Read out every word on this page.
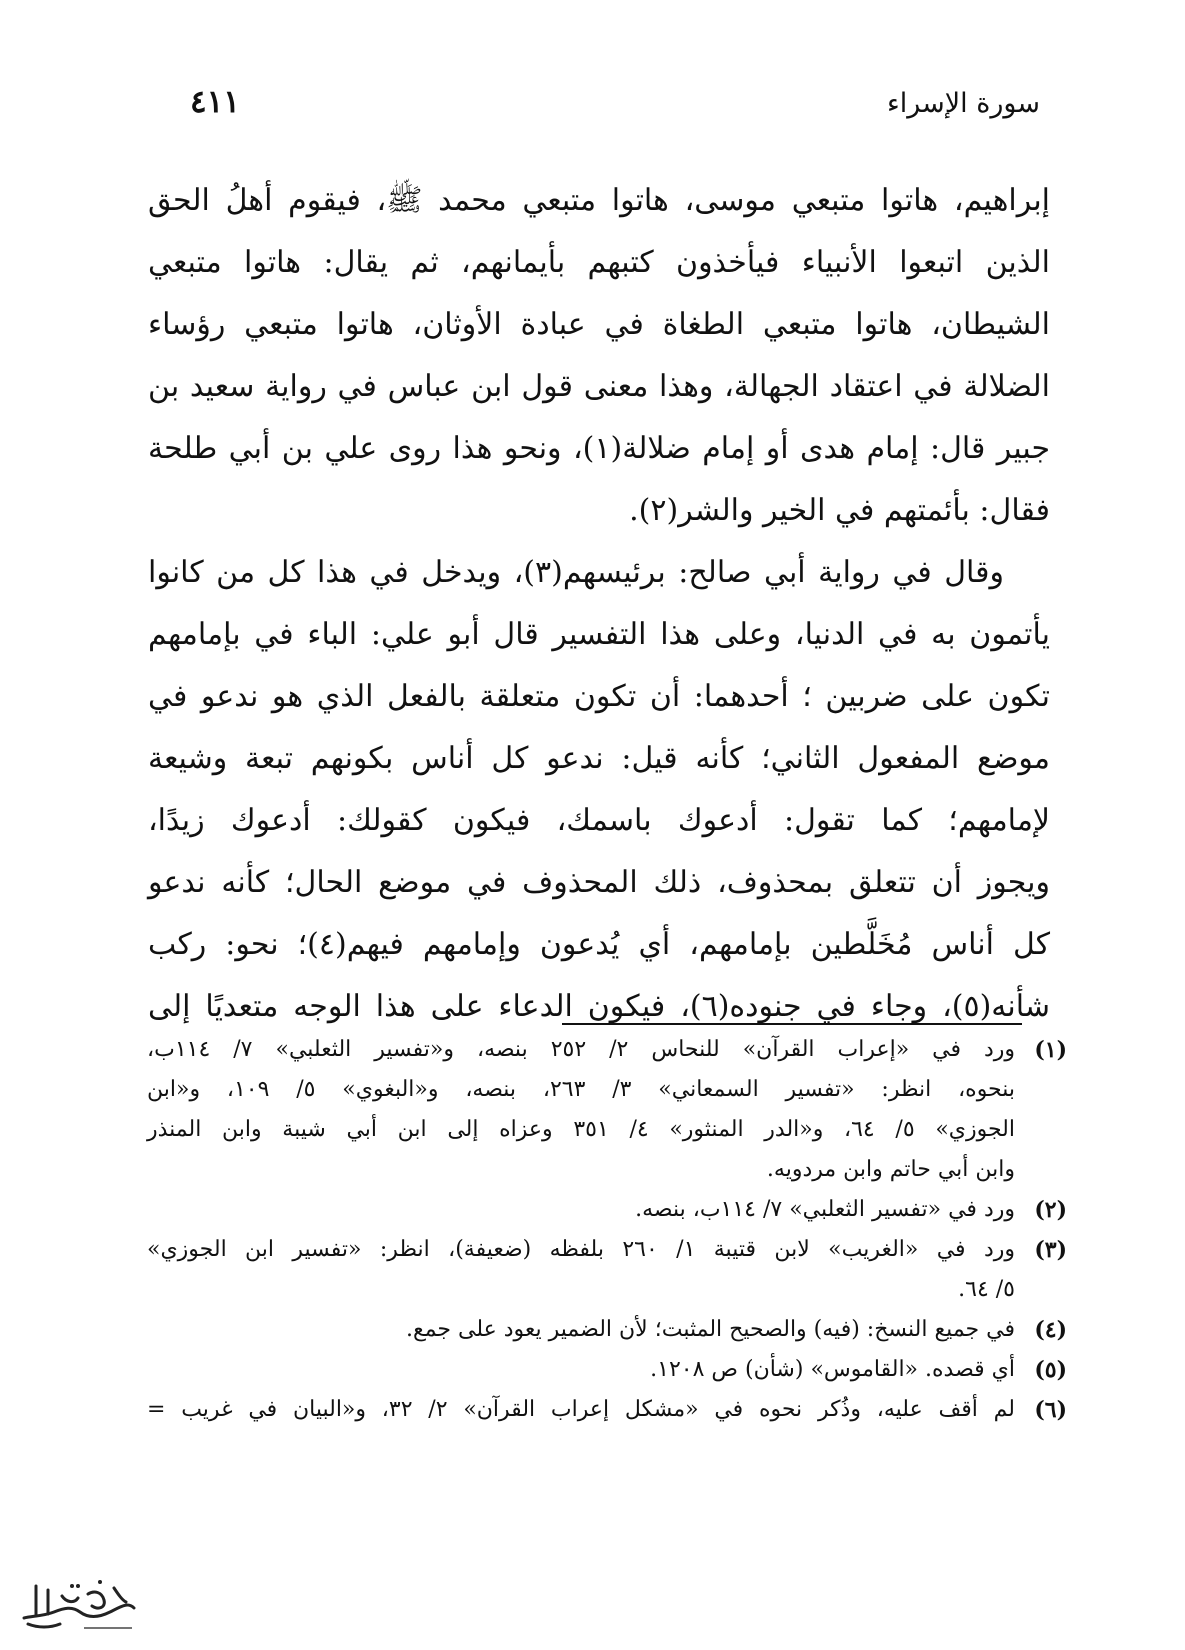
سورة الإسراء
٤١١
إبراهيم، هاتوا متبعي موسى، هاتوا متبعي محمد ﷺ، فيقوم أهلُ الحق
الذين اتبعوا الأنبياء فيأخذون كتبهم بأيمانهم، ثم يقال: هاتوا متبعي
الشيطان، هاتوا متبعي الطغاة في عبادة الأوثان، هاتوا متبعي رؤساء
الضلالة في اعتقاد الجهالة، وهذا معنى قول ابن عباس في رواية سعيد بن
جبير قال: إمام هدى أو إمام ضلالة(١)، ونحو هذا روى علي بن أبي طلحة
فقال: بأئمتهم في الخير والشر(٢).
وقال في رواية أبي صالح: برئيسهم(٣)، ويدخل في هذا كل من كانوا
يأتمون به في الدنيا، وعلى هذا التفسير قال أبو علي: الباء في بإمامهم
تكون على ضربين ؛ أحدهما: أن تكون متعلقة بالفعل الذي هو ندعو في
موضع المفعول الثاني؛ كأنه قيل: ندعو كل أناس بكونهم تبعة وشيعة
لإمامهم؛ كما تقول: أدعوك باسمك، فيكون كقولك: أدعوك زيدًا،
ويجوز أن تتعلق بمحذوف، ذلك المحذوف في موضع الحال؛ كأنه ندعو
كل أناس مُخَلَّطين بإمامهم، أي يُدعون وإمامهم فيهم(٤)؛ نحو: ركب
شأنه(٥)، وجاء في جنوده(٦)، فيكون الدعاء على هذا الوجه متعديًا إلى
(١)
ورد في «إعراب القرآن» للنحاس ٢/ ٢٥٢ بنصه، و«تفسير الثعلبي» ٧/ ١١٤ب،
بنحوه، انظر: «تفسير السمعاني» ٣/ ٢٦٣، بنصه، و«البغوي» ٥/ ١٠٩، و«ابن
الجوزي» ٥/ ٦٤، و«الدر المنثور» ٤/ ٣٥١ وعزاه إلى ابن أبي شيبة وابن المنذر
وابن أبي حاتم وابن مردويه.
(٢)
ورد في «تفسير الثعلبي» ٧/ ١١٤ب، بنصه.
(٣)
ورد في «الغريب» لابن قتيبة ١/ ٢٦٠ بلفظه (ضعيفة)، انظر: «تفسير ابن الجوزي»
٥/ ٦٤.
(٤)
في جميع النسخ: (فيه) والصحيح المثبت؛ لأن الضمير يعود على جمع.
(٥)
أي قصده. «القاموس» (شأن) ص ١٢٠٨.
(٦)
لم أقف عليه، وذُكر نحوه في «مشكل إعراب القرآن» ٢/ ٣٢، و«البيان في غريب =
